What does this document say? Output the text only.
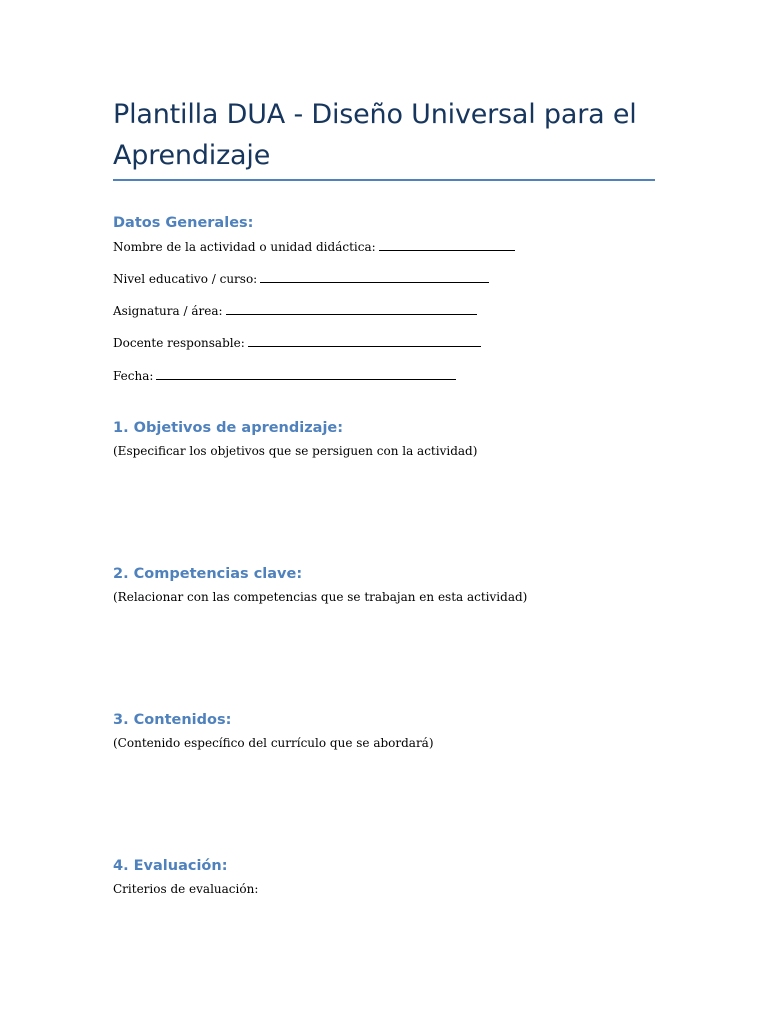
Plantilla DUA - Diseño Universal para el Aprendizaje
Datos Generales:

Nombre de la actividad o unidad didáctica:

Nivel educativo / curso:

Asignatura / área:

Docente responsable:

Fecha:

1. Objetivos de aprendizaje:

(Especificar los objetivos que se persiguen con la actividad)

2. Competencias clave:

(Relacionar con las competencias que se trabajan en esta actividad)

3. Contenidos:

(Contenido específico del currículo que se abordará)

4. Evaluación:

Criterios de evaluación:
